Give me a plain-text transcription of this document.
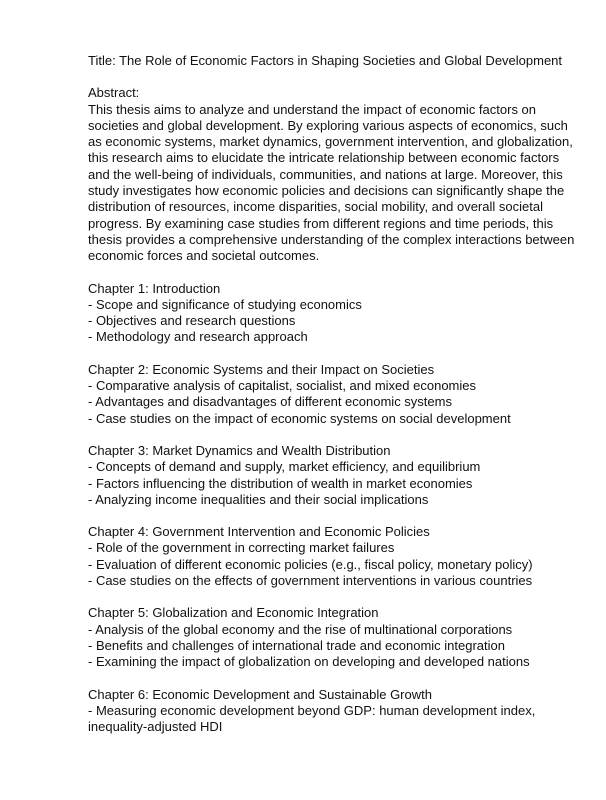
Title: The Role of Economic Factors in Shaping Societies and Global Development

Abstract:

This thesis aims to analyze and understand the impact of economic factors on societies and global development. By exploring various aspects of economics, such as economic systems, market dynamics, government intervention, and globalization, this research aims to elucidate the intricate relationship between economic factors and the well-being of individuals, communities, and nations at large. Moreover, this study investigates how economic policies and decisions can significantly shape the distribution of resources, income disparities, social mobility, and overall societal progress. By examining case studies from different regions and time periods, this thesis provides a comprehensive understanding of the complex interactions between economic forces and societal outcomes.

Chapter 1: Introduction

- Scope and significance of studying economics
- Objectives and research questions
- Methodology and research approach

Chapter 2: Economic Systems and their Impact on Societies

- Comparative analysis of capitalist, socialist, and mixed economies
- Advantages and disadvantages of different economic systems
- Case studies on the impact of economic systems on social development

Chapter 3: Market Dynamics and Wealth Distribution

- Concepts of demand and supply, market efficiency, and equilibrium
- Factors influencing the distribution of wealth in market economies
- Analyzing income inequalities and their social implications

Chapter 4: Government Intervention and Economic Policies

- Role of the government in correcting market failures
- Evaluation of different economic policies (e.g., fiscal policy, monetary policy)
- Case studies on the effects of government interventions in various countries

Chapter 5: Globalization and Economic Integration

- Analysis of the global economy and the rise of multinational corporations
- Benefits and challenges of international trade and economic integration
- Examining the impact of globalization on developing and developed nations

Chapter 6: Economic Development and Sustainable Growth

- Measuring economic development beyond GDP: human development index, inequality-adjusted HDI
